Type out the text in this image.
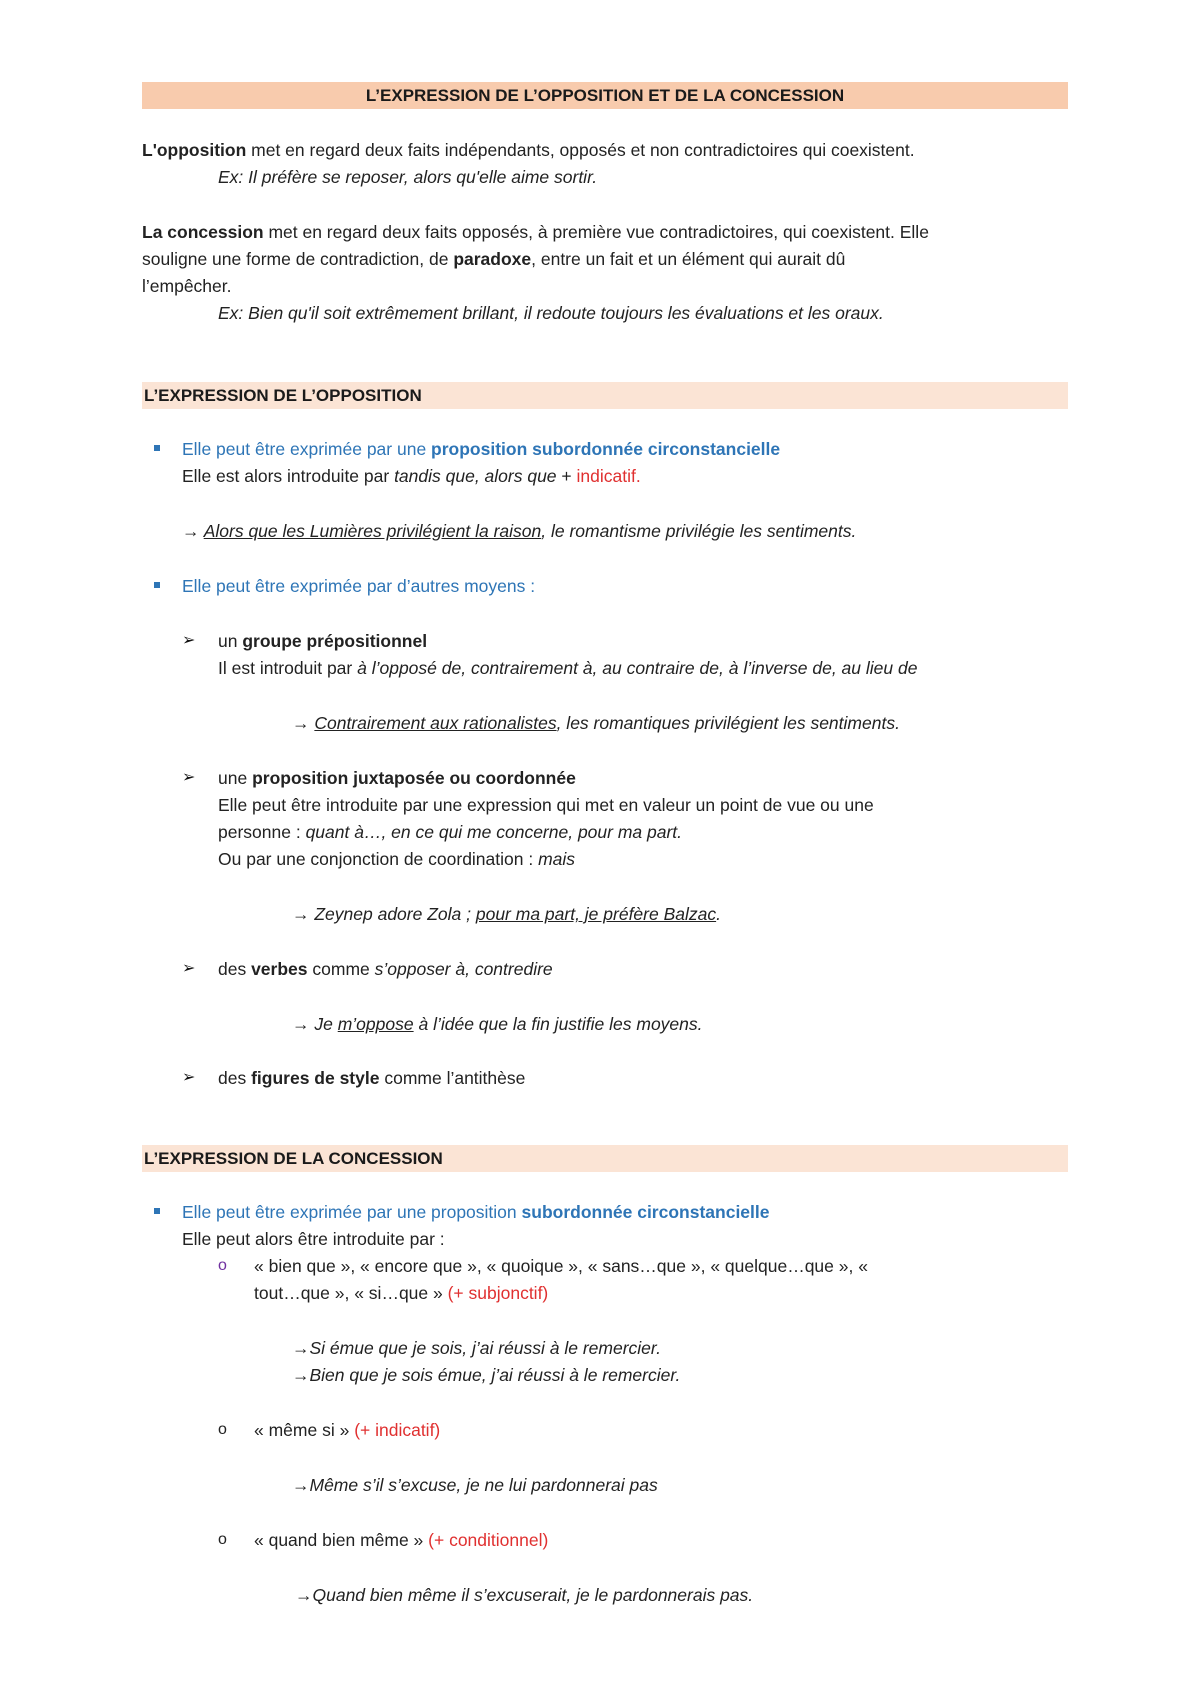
L’EXPRESSION DE L’OPPOSITION ET DE LA CONCESSION
L'opposition met en regard deux faits indépendants, opposés et non contradictoires qui coexistent.
Ex: Il préfère se reposer, alors qu'elle aime sortir.
La concession met en regard deux faits opposés, à première vue contradictoires, qui coexistent. Elle
souligne une forme de contradiction, de paradoxe, entre un fait et un élément qui aurait dû
l’empêcher.
Ex: Bien qu'il soit extrêmement brillant, il redoute toujours les évaluations et les oraux.
L’EXPRESSION DE L’OPPOSITION
Elle peut être exprimée par une proposition subordonnée circonstancielle
Elle est alors introduite par tandis que, alors que + indicatif.
→ Alors que les Lumières privilégient la raison, le romantisme privilégie les sentiments.
Elle peut être exprimée par d’autres moyens :
➢ un groupe prépositionnel
Il est introduit par à l’opposé de, contrairement à, au contraire de, à l’inverse de, au lieu de
→ Contrairement aux rationalistes, les romantiques privilégient les sentiments.
➢ une proposition juxtaposée ou coordonnée
Elle peut être introduite par une expression qui met en valeur un point de vue ou une
personne : quant à…, en ce qui me concerne, pour ma part.
Ou par une conjonction de coordination : mais
→ Zeynep adore Zola ; pour ma part, je préfère Balzac.
➢ des verbes comme s’opposer à, contredire
→ Je m’oppose à l’idée que la fin justifie les moyens.
➢ des figures de style comme l’antithèse
L’EXPRESSION DE LA CONCESSION
Elle peut être exprimée par une proposition subordonnée circonstancielle
Elle peut alors être introduite par :
o « bien que », « encore que », « quoique », « sans…que », « quelque…que », «
tout…que », « si…que » (+ subjonctif)
→Si émue que je sois, j’ai réussi à le remercier.
→Bien que je sois émue, j’ai réussi à le remercier.
o « même si » (+ indicatif)
→Même s’il s’excuse, je ne lui pardonnerai pas
o « quand bien même » (+ conditionnel)
→Quand bien même il s’excuserait, je le pardonnerais pas.
